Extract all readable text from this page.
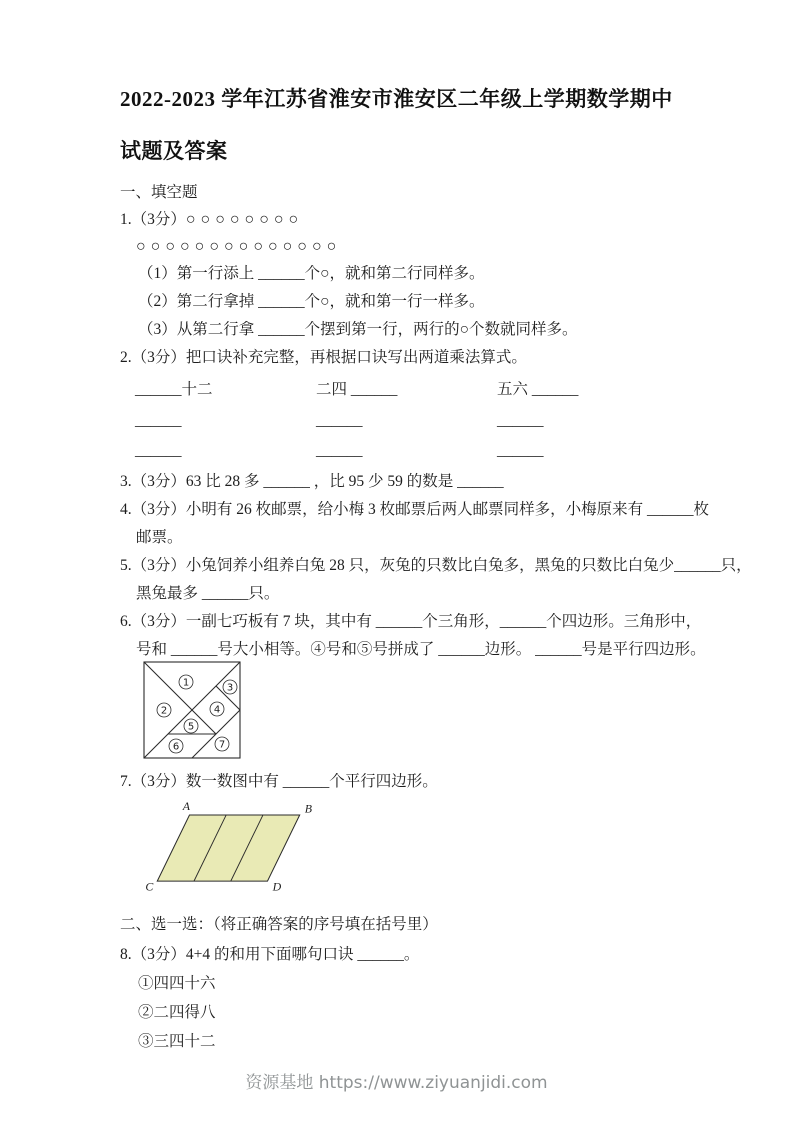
2022-2023 学年江苏省淮安市淮安区二年级上学期数学期中
试题及答案
一、填空题
1.（3分）○○○○○○○○
○○○○○○○○○○○○○○
（1）第一行添上 ______个○，就和第二行同样多。
（2）第二行拿掉 ______个○，就和第一行一样多。
（3）从第二行拿 ______个摆到第一行，两行的○个数就同样多。
2.（3分）把口诀补充完整，再根据口诀写出两道乘法算式。
______十二	二四 ______	五六 ______
______	______	______
______	______	______
3.（3分）63 比 28 多 ______ ，比 95 少 59 的数是 ______
4.（3分）小明有 26 枚邮票，给小梅 3 枚邮票后两人邮票同样多，小梅原来有 ______枚
邮票。
5.（3分）小兔饲养小组养白兔 28 只，灰兔的只数比白兔多，黑兔的只数比白兔少______只，
黑兔最多 ______只。
6.（3分）一副七巧板有 7 块，其中有 ______个三角形，______个四边形。三角形中，
号和 ______号大小相等。④号和⑤号拼成了 ______边形。 ______号是平行四边形。
1
2
3
4
5
6	7
7.（3分）数一数图中有 ______个平行四边形。
A	B
C	D
二、选一选：（将正确答案的序号填在括号里）
8.（3分）4+4 的和用下面哪句口诀 ______。
①四四十六
②二四得八
③三四十二
资源基地 https://www.ziyuanjidi.com
